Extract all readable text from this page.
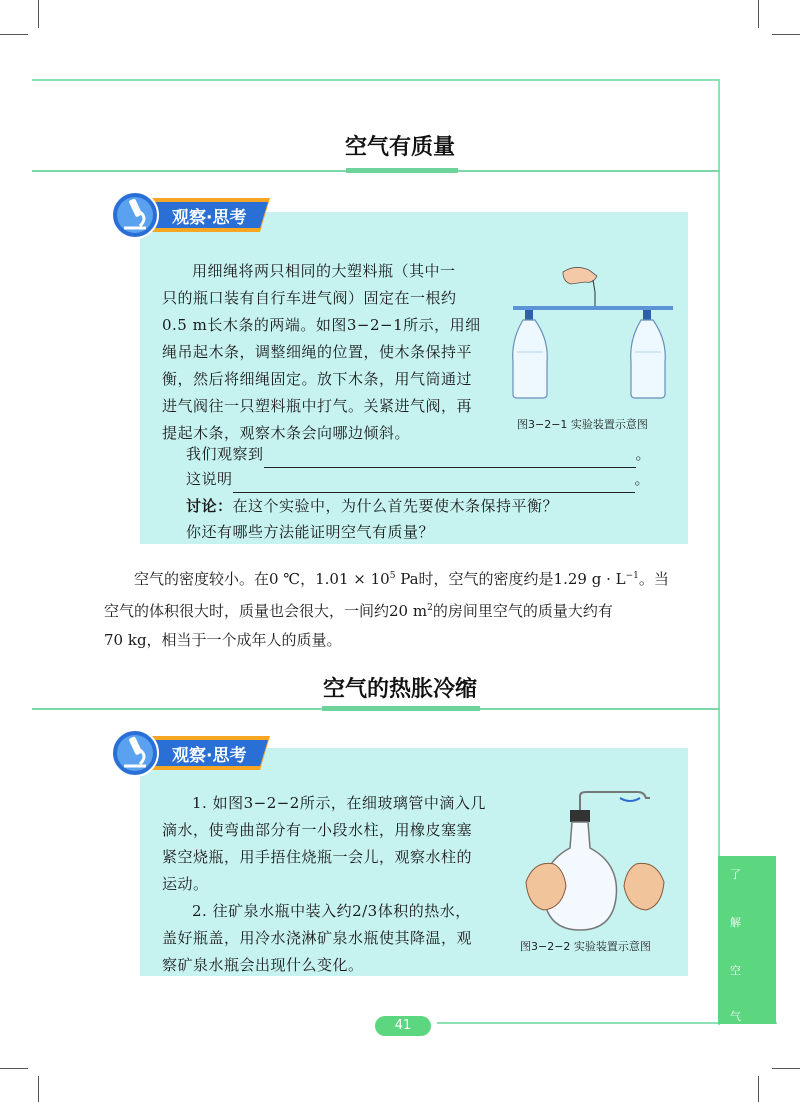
空气有质量
观察·思考
用细绳将两只相同的大塑料瓶（其中一
只的瓶口装有自行车进气阀）固定在一根约
0.5 m长木条的两端。如图3−2−1所示，用细
绳吊起木条，调整细绳的位置，使木条保持平
衡，然后将细绳固定。放下木条，用气筒通过
进气阀往一只塑料瓶中打气。关紧进气阀，再
提起木条，观察木条会向哪边倾斜。
我们观察到	。
这说明	。
讨论：在这个实验中，为什么首先要使木条保持平衡？
你还有哪些方法能证明空气有质量？
图3−2−1 实验装置示意图
空气的密度较小。在0 ℃，$1.01 \times 10^5$ Pa时，空气的密度约是1.29 $g \cdot L^{-1}$。当
空气的体积很大时，质量也会很大，一间约20 $m^2$的房间里空气的质量大约有
70 kg，相当于一个成年人的质量。
空气的热胀冷缩
观察·思考
1. 如图3−2−2所示，在细玻璃管中滴入几
滴水，使弯曲部分有一小段水柱，用橡皮塞塞
紧空烧瓶，用手捂住烧瓶一会儿，观察水柱的
运动。
2. 往矿泉水瓶中装入约2/3体积的热水，
盖好瓶盖，用冷水浇淋矿泉水瓶使其降温，观
察矿泉水瓶会出现什么变化。
图3−2−2 实验装置示意图
了
解
空
气
41
